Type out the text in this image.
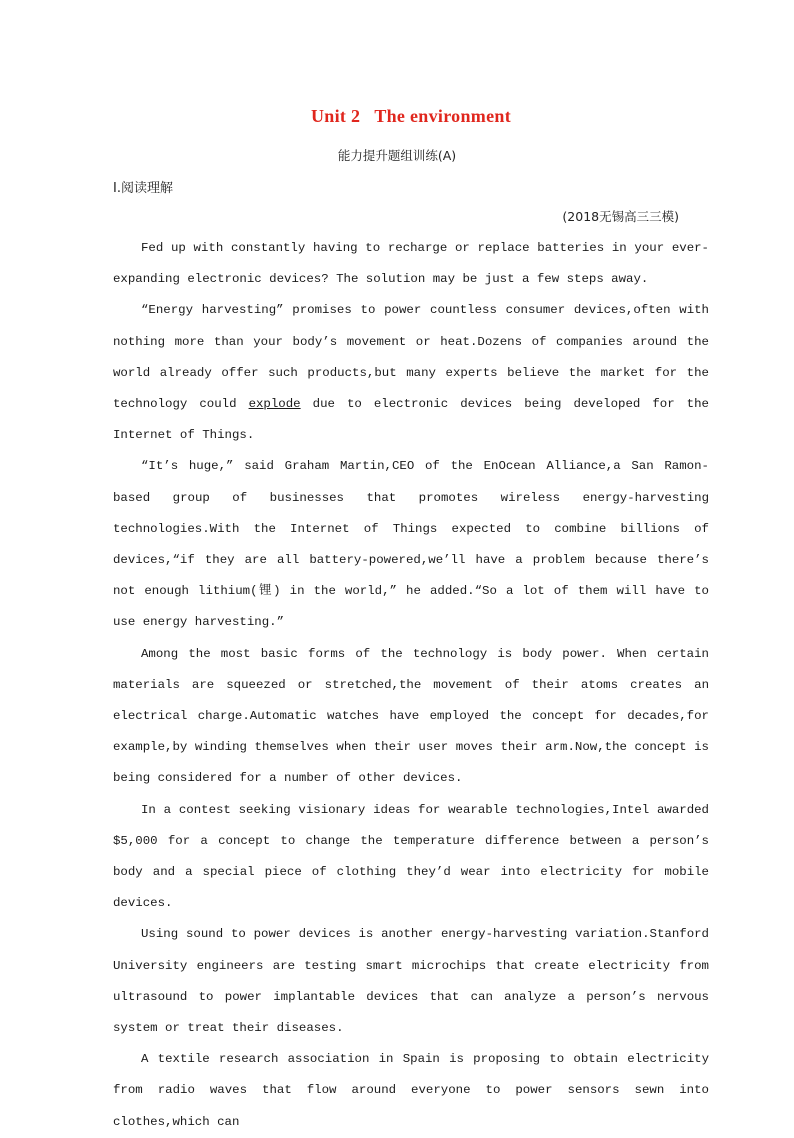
Unit 2 The environment
能力提升题组训练(A)
Ⅰ.阅读理解
(2018无锡高三三模)

Fed up with constantly having to recharge or replace batteries in your ever-expanding electronic devices? The solution may be just a few steps away.

“Energy harvesting” promises to power countless consumer devices,often with nothing more than your body’s movement or heat.Dozens of companies around the world already offer such products,but many experts believe the market for the technology could explode due to electronic devices being developed for the Internet of Things.

“It’s huge,” said Graham Martin,CEO of the EnOcean Alliance,a San Ramon-based group of businesses that promotes wireless energy-harvesting technologies.With the Internet of Things expected to combine billions of devices,“if they are all battery-powered,we’ll have a problem because there’s not enough lithium(锂) in the world,” he added.“So a lot of them will have to use energy harvesting.”

Among the most basic forms of the technology is body power. When certain materials are squeezed or stretched,the movement of their atoms creates an electrical charge.Automatic watches have employed the concept for decades,for example,by winding themselves when their user moves their arm.Now,the concept is being considered for a number of other devices.

In a contest seeking visionary ideas for wearable technologies,Intel awarded $5,000 for a concept to change the temperature difference between a person’s body and a special piece of clothing they’d wear into electricity for mobile devices.

Using sound to power devices is another energy-harvesting variation.Stanford University engineers are testing smart microchips that create electricity from ultrasound to power implantable devices that can analyze a person’s nervous system or treat their diseases.

A textile research association in Spain is proposing to obtain electricity from radio waves that flow around everyone to power sensors sewn into clothes,which can
